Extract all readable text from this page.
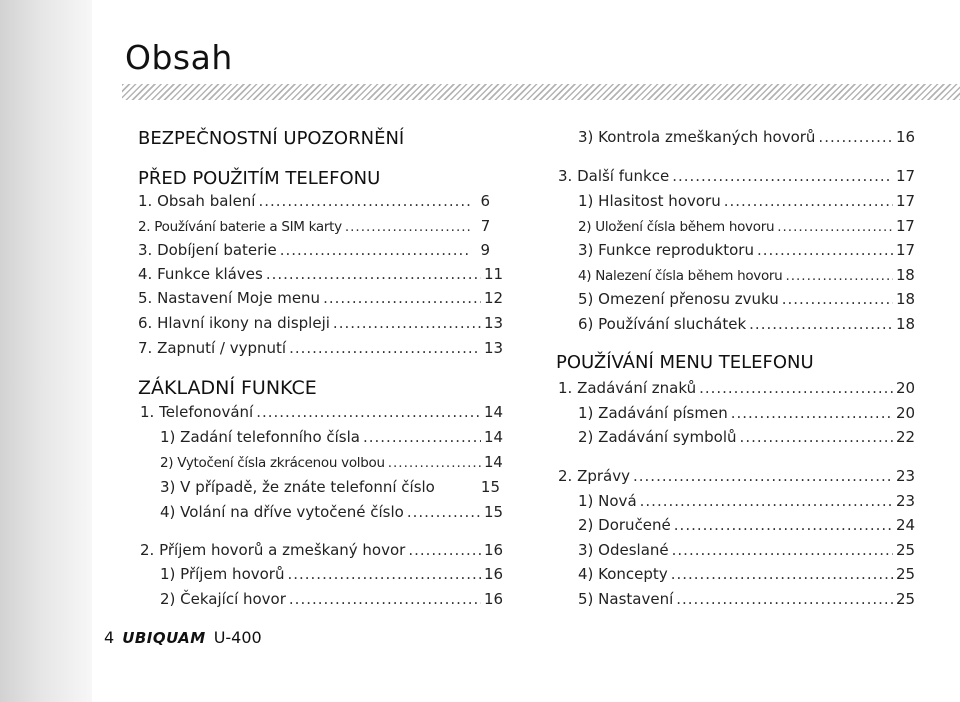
Obsah
BEZPEČNOSTNÍ UPOZORNĚNÍ
PŘED POUŽITÍM TELEFONU
1. Obsah balení .....	6
2. Používání baterie a SIM karty .....	7
3. Dobíjení baterie .....	9
4. Funkce kláves .....	11
5. Nastavení Moje menu .....	12
6. Hlavní ikony na displeji .....	13
7. Zapnutí / vypnutí .....	13
ZÁKLADNÍ FUNKCE
1. Telefonování .....	14
1) Zadání telefonního čísla .....	14
2) Vytočení čísla zkrácenou volbou .....	14
3) V případě, že znáte telefonní číslo	15
4) Volání na dříve vytočené číslo .....	15
2. Příjem hovorů a zmeškaný hovor .....	16
1) Příjem hovorů .....	16
2) Čekající hovor .....	16
3) Kontrola zmeškaných hovorů .....	16
3. Další funkce .....	17
1) Hlasitost hovoru .....	17
2) Uložení čísla během hovoru .....	17
3) Funkce reproduktoru .....	17
4) Nalezení čísla během hovoru .....	18
5) Omezení přenosu zvuku .....	18
6) Používání sluchátek .....	18
POUŽÍVÁNÍ MENU TELEFONU
1. Zadávání znaků .....	20
1) Zadávání písmen .....	20
2) Zadávání symbolů .....	22
2. Zprávy .....	23
1) Nová .....	23
2) Doručené .....	24
3) Odeslané .....	25
4) Koncepty .....	25
5) Nastavení .....	25
4 UBIQUAM U-400
